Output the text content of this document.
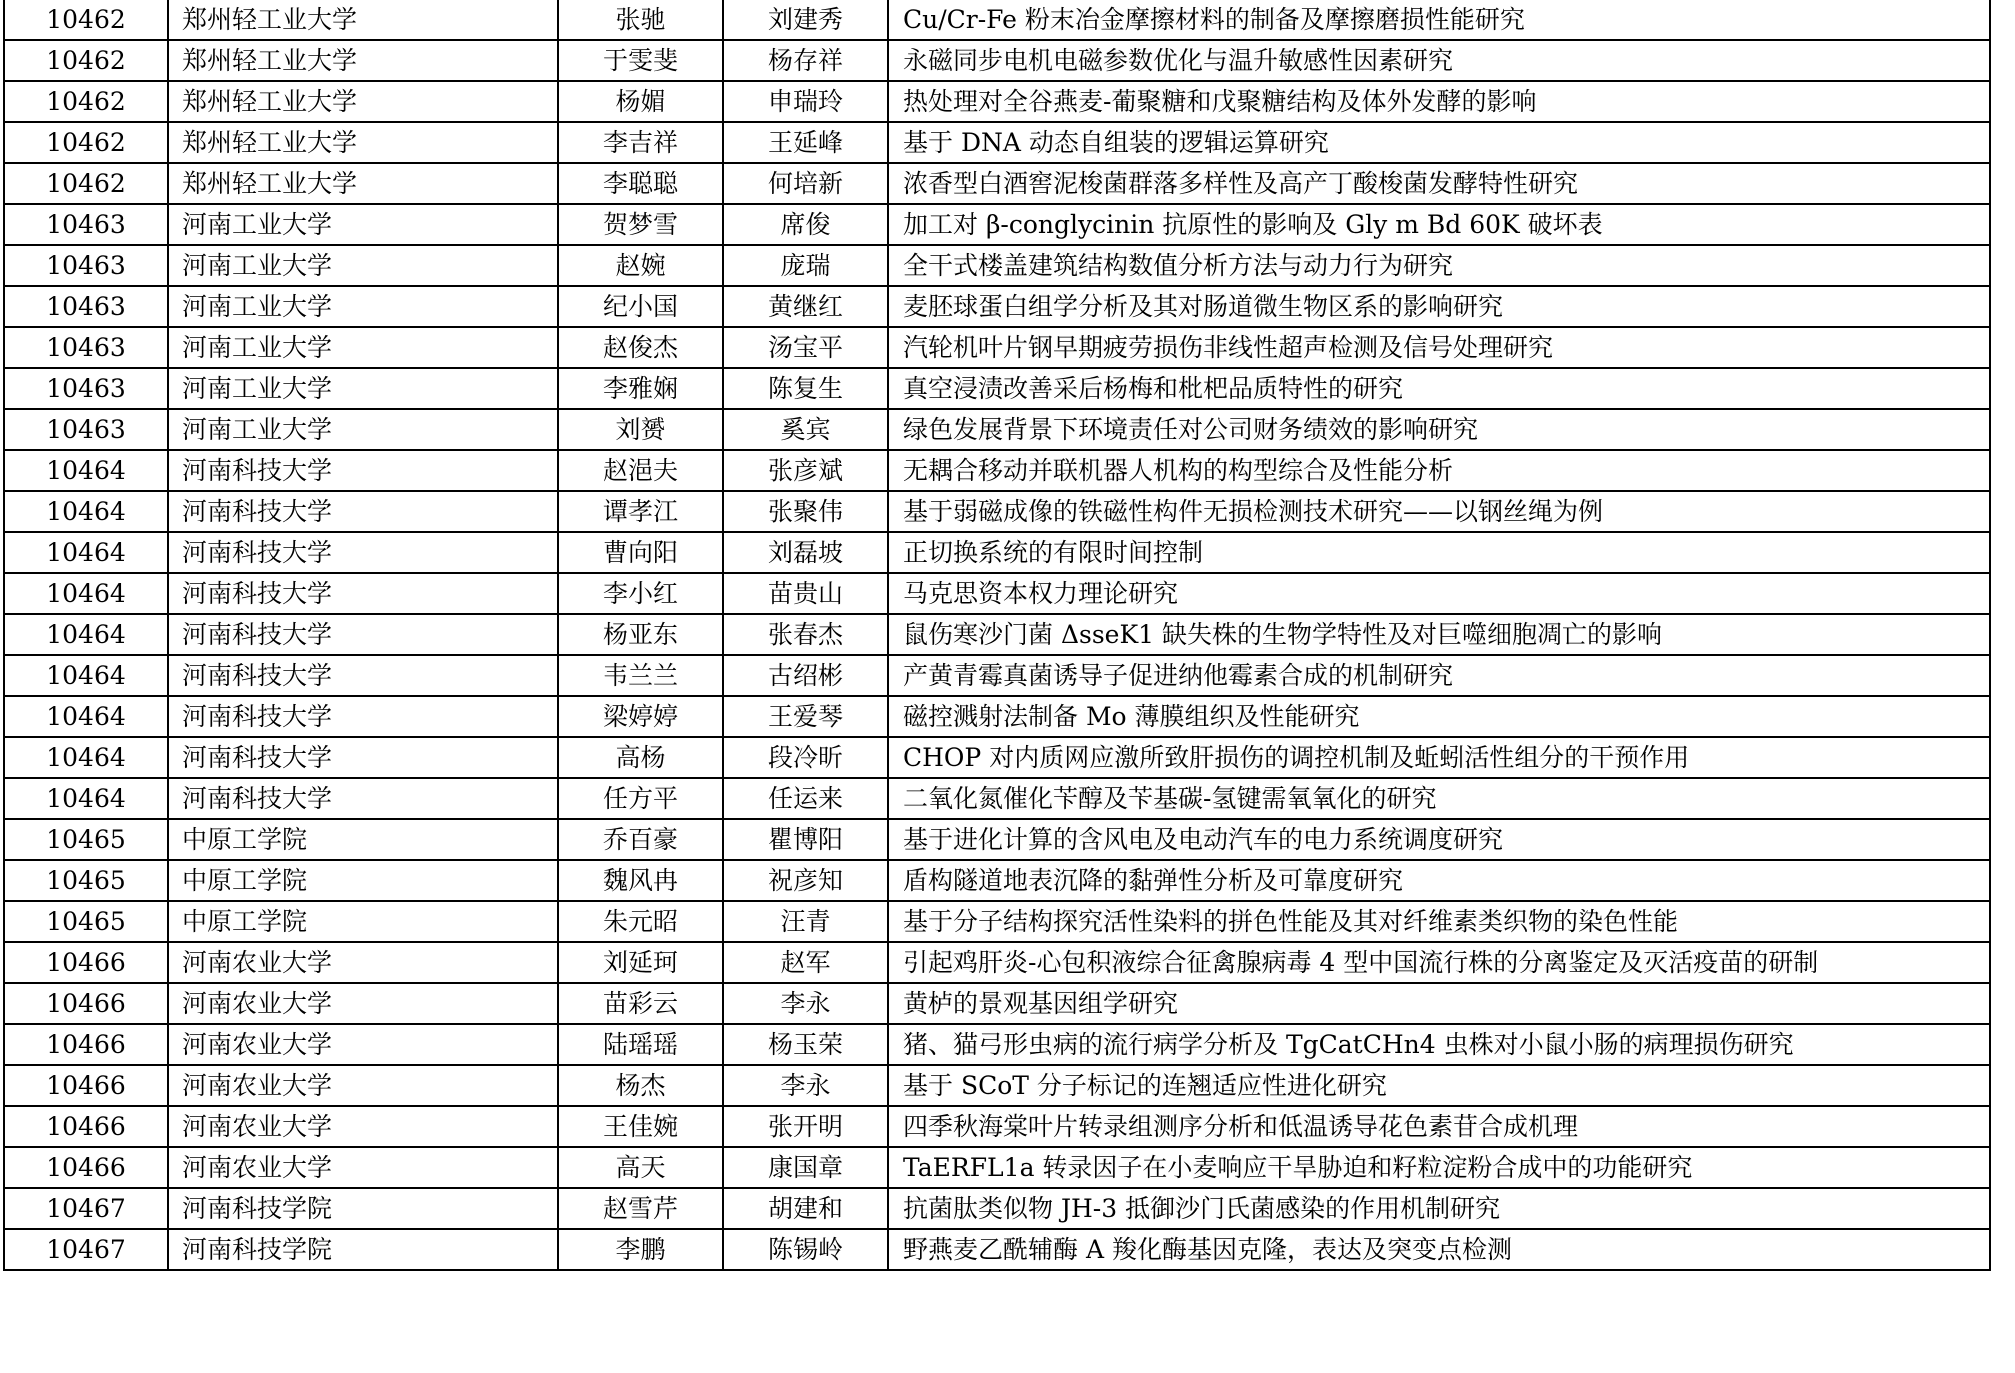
10462	郑州轻工业大学	张驰	刘建秀	Cu/Cr-Fe 粉末冶金摩擦材料的制备及摩擦磨损性能研究
10462	郑州轻工业大学	于雯斐	杨存祥	永磁同步电机电磁参数优化与温升敏感性因素研究
10462	郑州轻工业大学	杨媚	申瑞玲	热处理对全谷燕麦-葡聚糖和戊聚糖结构及体外发酵的影响
10462	郑州轻工业大学	李吉祥	王延峰	基于 DNA 动态自组装的逻辑运算研究
10462	郑州轻工业大学	李聪聪	何培新	浓香型白酒窖泥梭菌群落多样性及高产丁酸梭菌发酵特性研究
10463	河南工业大学	贺梦雪	席俊	加工对 β-conglycinin 抗原性的影响及 Gly m Bd 60K 破坏表
10463	河南工业大学	赵婉	庞瑞	全干式楼盖建筑结构数值分析方法与动力行为研究
10463	河南工业大学	纪小国	黄继红	麦胚球蛋白组学分析及其对肠道微生物区系的影响研究
10463	河南工业大学	赵俊杰	汤宝平	汽轮机叶片钢早期疲劳损伤非线性超声检测及信号处理研究
10463	河南工业大学	李雅娴	陈复生	真空浸渍改善采后杨梅和枇杷品质特性的研究
10463	河南工业大学	刘赟	奚宾	绿色发展背景下环境责任对公司财务绩效的影响研究
10464	河南科技大学	赵浥夫	张彦斌	无耦合移动并联机器人机构的构型综合及性能分析
10464	河南科技大学	谭孝江	张聚伟	基于弱磁成像的铁磁性构件无损检测技术研究——以钢丝绳为例
10464	河南科技大学	曹向阳	刘磊坡	正切换系统的有限时间控制
10464	河南科技大学	李小红	苗贵山	马克思资本权力理论研究
10464	河南科技大学	杨亚东	张春杰	鼠伤寒沙门菌 ΔsseK1 缺失株的生物学特性及对巨噬细胞凋亡的影响
10464	河南科技大学	韦兰兰	古绍彬	产黄青霉真菌诱导子促进纳他霉素合成的机制研究
10464	河南科技大学	梁婷婷	王爱琴	磁控溅射法制备 Mo 薄膜组织及性能研究
10464	河南科技大学	高杨	段冷昕	CHOP 对内质网应激所致肝损伤的调控机制及蚯蚓活性组分的干预作用
10464	河南科技大学	任方平	任运来	二氧化氮催化苄醇及苄基碳-氢键需氧氧化的研究
10465	中原工学院	乔百豪	瞿博阳	基于进化计算的含风电及电动汽车的电力系统调度研究
10465	中原工学院	魏风冉	祝彦知	盾构隧道地表沉降的黏弹性分析及可靠度研究
10465	中原工学院	朱元昭	汪青	基于分子结构探究活性染料的拼色性能及其对纤维素类织物的染色性能
10466	河南农业大学	刘延珂	赵军	引起鸡肝炎-心包积液综合征禽腺病毒 4 型中国流行株的分离鉴定及灭活疫苗的研制
10466	河南农业大学	苗彩云	李永	黄栌的景观基因组学研究
10466	河南农业大学	陆瑶瑶	杨玉荣	猪、猫弓形虫病的流行病学分析及 TgCatCHn4 虫株对小鼠小肠的病理损伤研究
10466	河南农业大学	杨杰	李永	基于 SCoT 分子标记的连翘适应性进化研究
10466	河南农业大学	王佳婉	张开明	四季秋海棠叶片转录组测序分析和低温诱导花色素苷合成机理
10466	河南农业大学	高天	康国章	TaERFL1a 转录因子在小麦响应干旱胁迫和籽粒淀粉合成中的功能研究
10467	河南科技学院	赵雪芹	胡建和	抗菌肽类似物 JH-3 抵御沙门氏菌感染的作用机制研究
10467	河南科技学院	李鹏	陈锡岭	野燕麦乙酰辅酶 A 羧化酶基因克隆，表达及突变点检测
